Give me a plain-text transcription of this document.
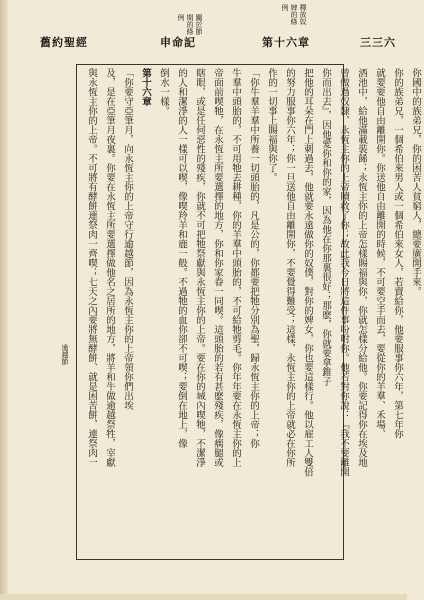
舊約聖經	申命記	第十六章	三三六
釋放奴
婢的條
例
關於節
期的條
例
逾越節
你國中的族弟兄，你的困苦人貧窮人，總要廣開手來。
你的族弟兄，一個希伯來男人或一個希伯來女人，若賣給你，他要服事你六年，第七年你
就要要他自由離開你。你送他自由離開的時候，不可要空手而去，要從你的羊羣、禾場、
酒池中，給他滿載裝餙；永恆主你的上帝怎樣賜福與你，你就怎樣分給他。你要記得你在埃及地
曾做過奴隸，永恆主你的上帝贖救了你；故此我今日將這件事吩咐你。他若對你說：『我不要離開
你而出去』，因他愛你和你的家，因為他在你那裏很好；那麽，你就要拿錐子
把他的耳朵在門上刺過去，他就要永遠做你的奴僕，對你的婢女，你也要這樣行。他以雇工人雙倍
的努力服事你六年；你一旦送他自由離開你，不要覺得難受；這樣，永恆主你的上帝就必在你所
作的一切事上賜福與你了。
「你牛羣羊羣中所養一切頭胎的，凡是公的，你都要把牠分別為聖，歸永恆主你的上帝；你
牛羣中頭胎的，不可用牠去耕種，你的羊羣中頭胎的，不可給牠剪毛。你年年要在永恆主你的上
帝面前喫牠，在永恆主所要選擇的地方，你和你家眷一同喫。這頭胎的若有甚麽殘疾，像瘸腿或
瞎眼，或是任何惡性的殘疾，你就不可把牠祭獻與永恆主你的上帝。要在你的城內喫牠，不潔淨
的人和潔淨的人一樣可以喫，像喫羚羊和鹿一般。不過牠的血你卻不可喫；要倒在地上，像
倒水一樣。
第十六章
「你要守亞筆月，向永恆主你的上帝守行逾越節，因為永恆主你的上帝領你們出埃
及，是在亞筆月夜裏。你要在永恆主所要選擇做他名之居所的地方，將羊和牛做逾越祭牲，宰獻
與永恆主你的上帝。不可將有酵餅連祭肉一齊喫；七天之內要將無酵餅、就是困苦餅，連祭肉一
